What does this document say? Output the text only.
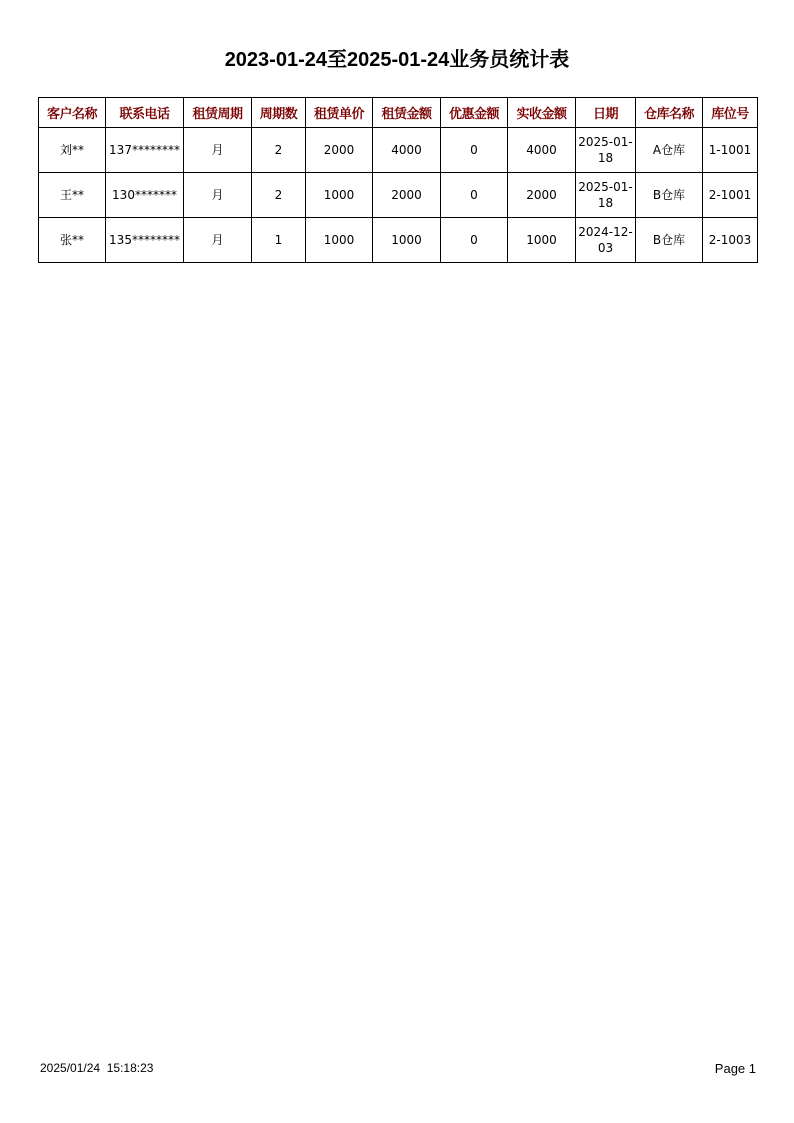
2023-01-24至2025-01-24业务员统计表
客户名称	联系电话	租赁周期	周期数	租赁单价	租赁金额	优惠金额	实收金额	日期	仓库名称	库位号
刘**	137********	月	2	2000	4000	0	4000	2025-01-18	A仓库	1-1001
王**	130*******	月	2	1000	2000	0	2000	2025-01-18	B仓库	2-1001
张**	135********	月	1	1000	1000	0	1000	2024-12-03	B仓库	2-1003
2025/01/24  15:18:23	Page 1
